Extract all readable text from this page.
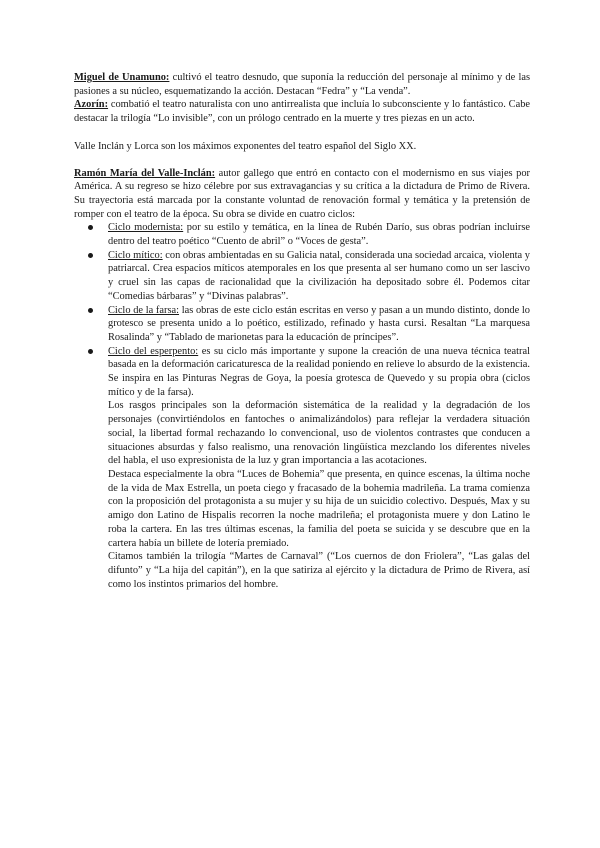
Miguel de Unamuno: cultivó el teatro desnudo, que suponía la reducción del personaje al mínimo y de las pasiones a su núcleo, esquematizando la acción. Destacan “Fedra” y “La venda”.

Azorín: combatió el teatro naturalista con uno antirrealista que incluía lo subconsciente y lo fantástico. Cabe destacar la trilogía “Lo invisible”, con un prólogo centrado en la muerte y tres piezas en un acto.

Valle Inclán y Lorca son los máximos exponentes del teatro español del Siglo XX.

Ramón María del Valle-Inclán: autor gallego que entró en contacto con el modernismo en sus viajes por América. A su regreso se hizo célebre por sus extravagancias y su crítica a la dictadura de Primo de Rivera. Su trayectoria está marcada por la constante voluntad de renovación formal y temática y la pretensión de romper con el teatro de la época. Su obra se divide en cuatro ciclos:

Ciclo modernista: por su estilo y temática, en la línea de Rubén Darío, sus obras podrían incluirse dentro del teatro poético “Cuento de abril” o “Voces de gesta”.
Ciclo mítico: con obras ambientadas en su Galicia natal, considerada una sociedad arcaica, violenta y patriarcal. Crea espacios míticos atemporales en los que presenta al ser humano como un ser lascivo y cruel sin las capas de racionalidad que la civilización ha depositado sobre él. Podemos citar “Comedias bárbaras” y “Divinas palabras”.
Ciclo de la farsa: las obras de este ciclo están escritas en verso y pasan a un mundo distinto, donde lo grotesco se presenta unido a lo poético, estilizado, refinado y hasta cursi. Resaltan “La marquesa Rosalinda” y “Tablado de marionetas para la educación de príncipes”.
Ciclo del esperpento: es su ciclo más importante y supone la creación de una nueva técnica teatral basada en la deformación caricaturesca de la realidad poniendo en relieve lo absurdo de la existencia. Se inspira en las Pinturas Negras de Goya, la poesía grotesca de Quevedo y su propia obra (ciclos mítico y de la farsa).

Los rasgos principales son la deformación sistemática de la realidad y la degradación de los personajes (convirtiéndolos en fantoches o animalizándolos) para reflejar la verdadera situación social, la libertad formal rechazando lo convencional, uso de violentos contrastes que conducen a situaciones absurdas y falso realismo, una renovación lingüística mezclando los diferentes niveles del habla, el uso expresionista de la luz y gran importancia a las acotaciones.

Destaca especialmente la obra “Luces de Bohemia” que presenta, en quince escenas, la última noche de la vida de Max Estrella, un poeta ciego y fracasado de la bohemia madrileña. La trama comienza con la proposición del protagonista a su mujer y su hija de un suicidio colectivo. Después, Max y su amigo don Latino de Hispalis recorren la noche madrileña; el protagonista muere y don Latino le roba la cartera. En las tres últimas escenas, la familia del poeta se suicida y se descubre que en la cartera había un billete de lotería premiado.

Citamos también la trilogía “Martes de Carnaval” (“Los cuernos de don Friolera”, “Las galas del difunto” y “La hija del capitán”), en la que satiriza al ejército y la dictadura de Primo de Rivera, así como los instintos primarios del hombre.
